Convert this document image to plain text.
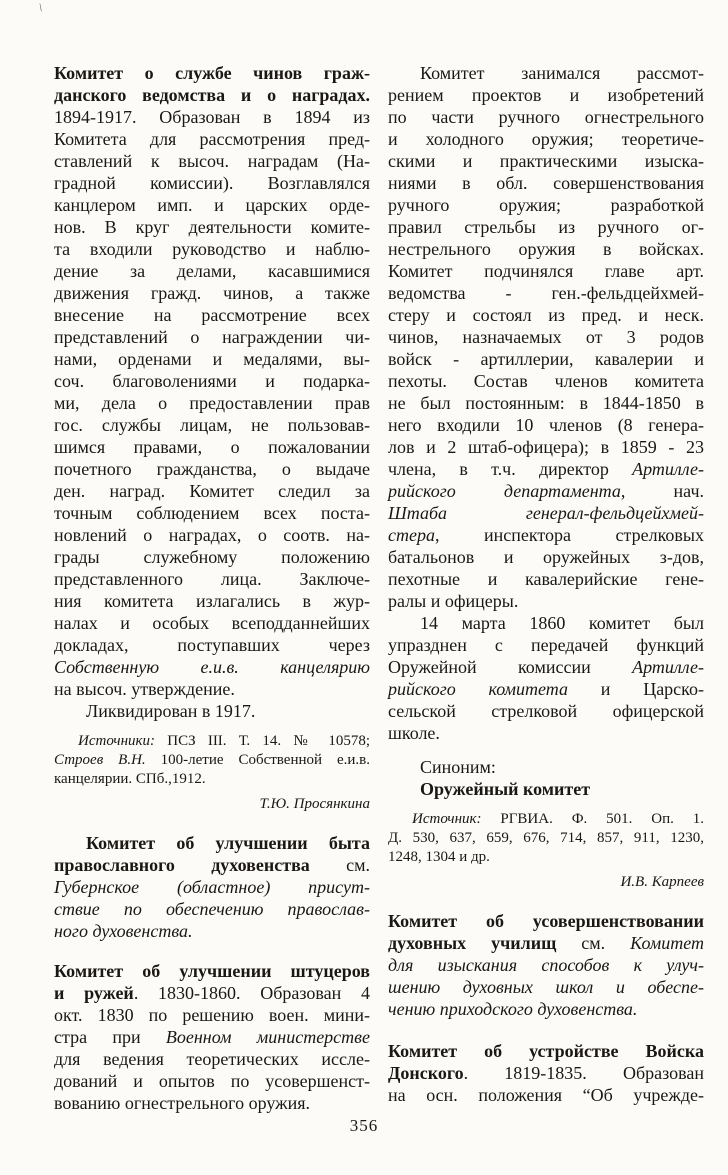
\
Комитет о службе чинов граж-
данского ведомства и о наградах.
1894-1917. Образован в 1894 из
Комитета для рассмотрения пред-
ставлений к высоч. наградам (На-
градной комиссии). Возглавлялся
канцлером имп. и царских орде-
нов. В круг деятельности комите-
та входили руководство и наблю-
дение за делами, касавшимися
движения гражд. чинов, а также
внесение на рассмотрение всех
представлений о награждении чи-
нами, орденами и медалями, вы-
соч. благоволениями и подарка-
ми, дела о предоставлении прав
гос. службы лицам, не пользовав-
шимся правами, о пожаловании
почетного гражданства, о выдаче
ден. наград. Комитет следил за
точным соблюдением всех поста-
новлений о наградах, о соотв. на-
грады служебному положению
представленного лица. Заключе-
ния комитета излагались в жур-
налах и особых всеподданнейших
докладах, поступавших через
Собственную е.и.в. канцелярию
на высоч. утверждение.
Ликвидирован в 1917.
Источники: ПСЗ III. Т. 14. № 10578;
Строев В.Н. 100-летие Собственной е.и.в.
канцелярии. СПб.,1912.
Т.Ю. Просянкина
Комитет об улучшении быта
православного духовенства см.
Губернское (областное) присут-
ствие по обеспечению православ-
ного духовенства.
Комитет об улучшении штуцеров
и ружей. 1830-1860. Образован 4
окт. 1830 по решению воен. мини-
стра при Военном министерстве
для ведения теоретических иссле-
дований и опытов по усовершенст-
вованию огнестрельного оружия.
Комитет занимался рассмот-
рением проектов и изобретений
по части ручного огнестрельного
и холодного оружия; теоретиче-
скими и практическими изыска-
ниями в обл. совершенствования
ручного оружия; разработкой
правил стрельбы из ручного ог-
нестрельного оружия в войсках.
Комитет подчинялся главе арт.
ведомства - ген.-фельдцейхмей-
стеру и состоял из пред. и неск.
чинов, назначаемых от 3 родов
войск - артиллерии, кавалерии и
пехоты. Состав членов комитета
не был постоянным: в 1844-1850 в
него входили 10 членов (8 генера-
лов и 2 штаб-офицера); в 1859 - 23
члена, в т.ч. директор Артилле-
рийского департамента, нач.
Штаба генерал-фельдцейхмей-
стера, инспектора стрелковых
батальонов и оружейных з-дов,
пехотные и кавалерийские гене-
ралы и офицеры.
14 марта 1860 комитет был
упразднен с передачей функций
Оружейной комиссии Артилле-
рийского комитета и Царско-
сельской стрелковой офицерской
школе.
Синоним:
Оружейный комитет
Источник: РГВИА. Ф. 501. Оп. 1.
Д. 530, 637, 659, 676, 714, 857, 911, 1230,
1248, 1304 и др.
И.В. Карпеев
Комитет об усовершенствовании
духовных училищ см. Комитет
для изыскания способов к улуч-
шению духовных школ и обеспе-
чению приходского духовенства.
Комитет об устройстве Войска
Донского. 1819-1835. Образован
на осн. положения “Об учрежде-
356
